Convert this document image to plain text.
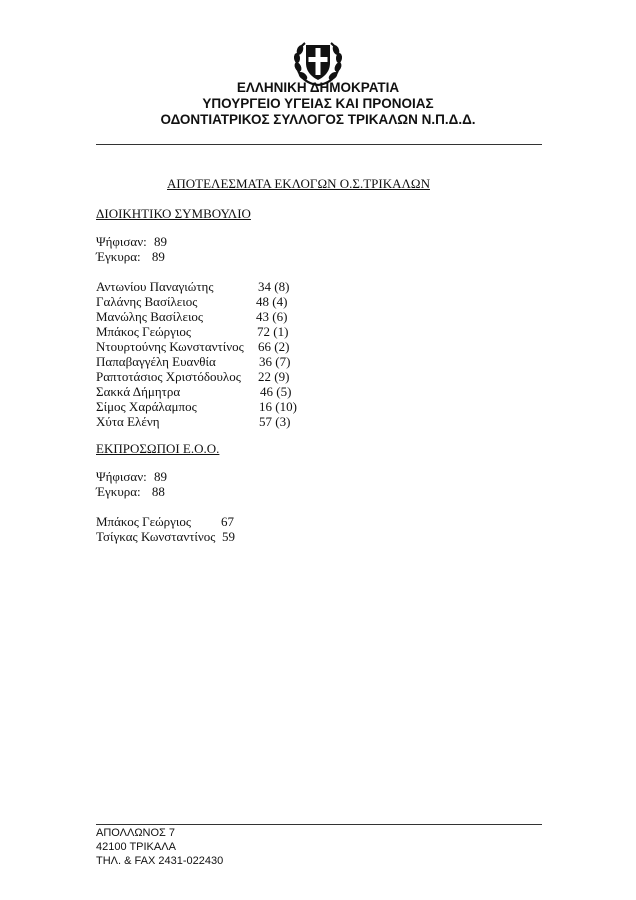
ΕΛΛΗΝΙΚΗ ΔΗΜΟΚΡΑΤΙΑ
ΥΠΟΥΡΓΕΙΟ ΥΓΕΙΑΣ ΚΑΙ ΠΡΟΝΟΙΑΣ
ΟΔΟΝΤΙΑΤΡΙΚΟΣ ΣΥΛΛΟΓΟΣ ΤΡΙΚΑΛΩΝ Ν.Π.Δ.Δ.
ΑΠΟΤΕΛΕΣΜΑΤΑ ΕΚΛΟΓΩΝ Ο.Σ.ΤΡΙΚΑΛΩΝ
ΔΙΟΙΚΗΤΙΚΟ ΣΥΜΒΟΥΛΙΟ
Ψήφισαν: 89
Έγκυρα: 89
Αντωνίου Παναγιώτης	34 (8)
Γαλάνης Βασίλειος	48 (4)
Μανώλης Βασίλειος	43 (6)
Μπάκος Γεώργιος	72 (1)
Ντουρτούνης Κωνσταντίνος 66 (2)
Παπαβαγγέλη Ευανθία	36 (7)
Ραπτοτάσιος Χριστόδουλος 22 (9)
Σακκά Δήμητρα	46 (5)
Σίμος Χαράλαμπος	16 (10)
Χύτα Ελένη	57 (3)
ΕΚΠΡΟΣΩΠΟΙ Ε.Ο.Ο.
Ψήφισαν: 89
Έγκυρα: 88
Μπάκος Γεώργιος 67
Τσίγκας Κωνσταντίνος 59
ΑΠΟΛΛΩΝΟΣ 7
42100 ΤΡΙΚΑΛΑ
ΤΗΛ. & FAX 2431-022430
